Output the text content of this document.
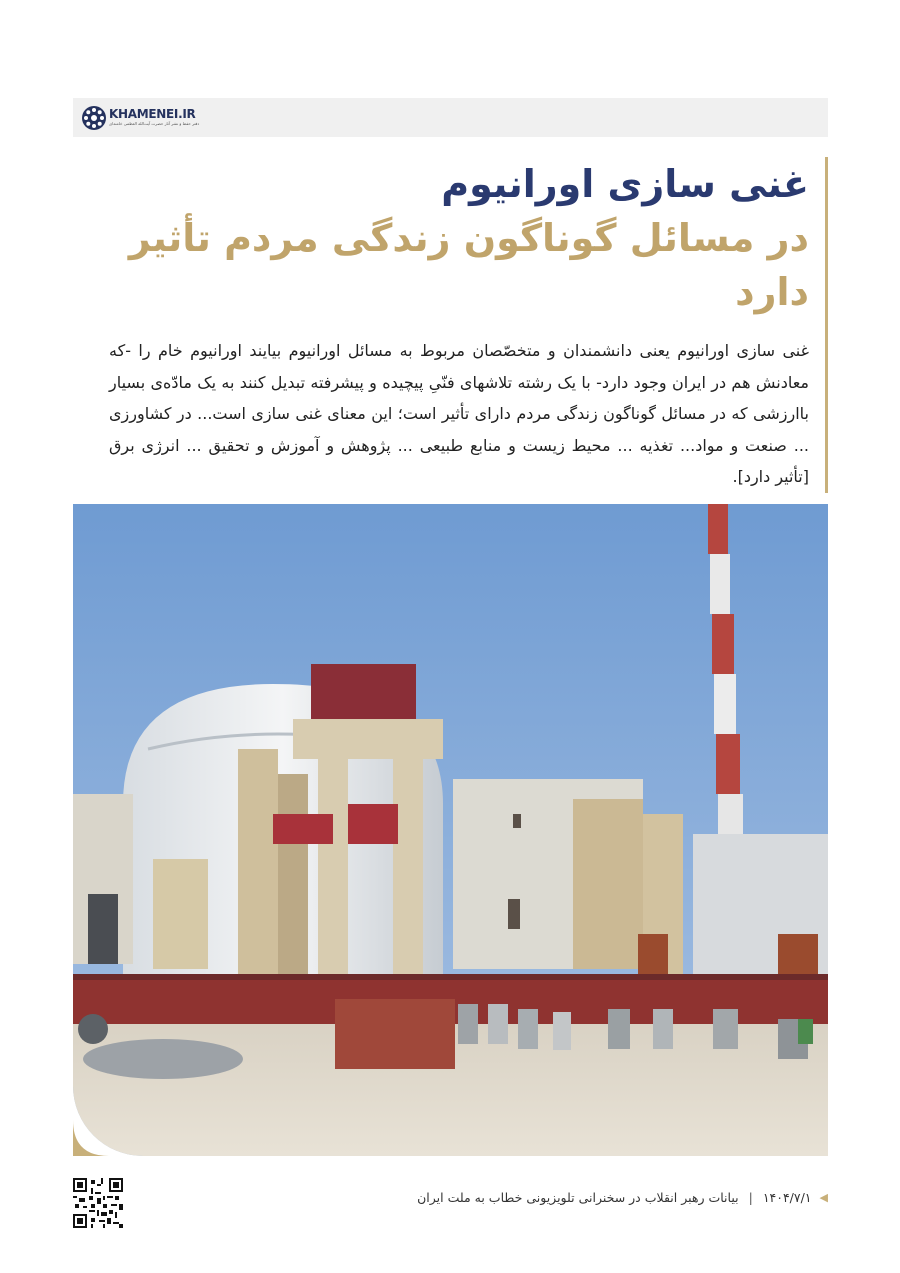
KHAMENEI.IR
دفتر حفظ و نشر آثار حضرت آیت‌الله العظمی خامنه‌ای
غنی سازی اورانیوم
در مسائل گوناگون زندگی مردم تأثیر دارد

غنی سازی اورانیوم یعنی دانشمندان و متخصّصان مربوط به مسائل اورانیوم بیایند اورانیوم خام را -که معادنش هم در ایران وجود دارد- با یک رشته تلاشهای فنّیِ پیچیده و پیشرفته تبدیل کنند به یک مادّه‌ی بسیار باارزشی که در مسائل گوناگون زندگی مردم دارای تأثیر است؛ این معنای غنی سازی است... در کشاورزی ... صنعت و مواد... تغذیه ... محیط زیست و منابع طبیعی ... پژوهش و آموزش و تحقیق ... انرژی برق [تأثیر دارد].

◀
۱۴۰۴/۷/۱
|
بیانات رهبر انقلاب در سخنرانی تلویزیونی خطاب به ملت ایران
